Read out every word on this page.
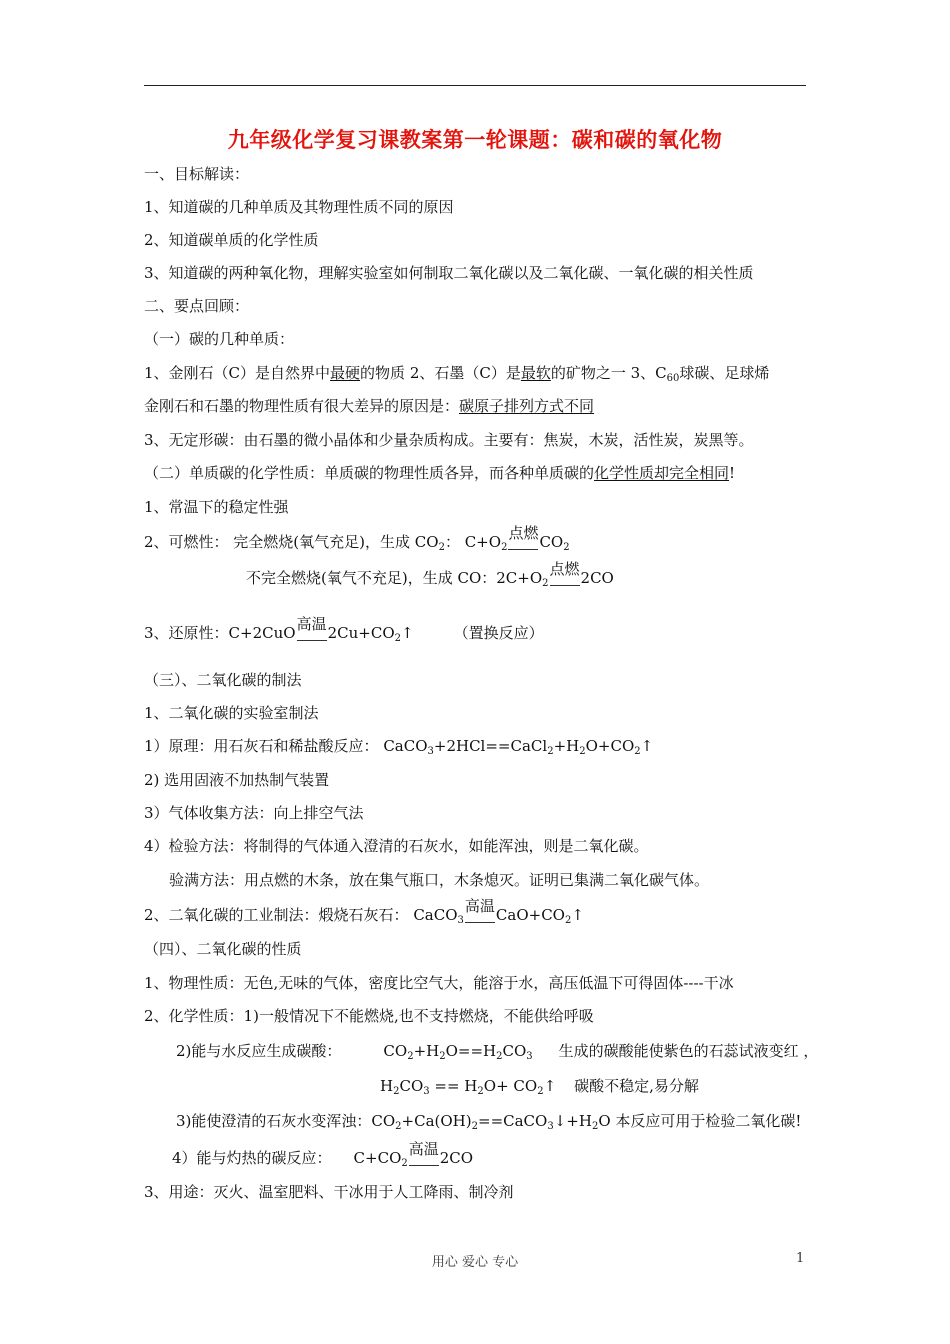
九年级化学复习课教案第一轮课题：碳和碳的氧化物
一、目标解读：
1、知道碳的几种单质及其物理性质不同的原因
2、知道碳单质的化学性质
3、知道碳的两种氧化物，理解实验室如何制取二氧化碳以及二氧化碳、一氧化碳的相关性质
二、要点回顾：
（一）碳的几种单质：
1、金刚石（C）是自然界中最硬的物质 2、石墨（C）是最软的矿物之一 3、$C_{60}$球碳、足球烯
金刚石和石墨的物理性质有很大差异的原因是：碳原子排列方式不同
3、无定形碳：由石墨的微小晶体和少量杂质构成。主要有：焦炭，木炭，活性炭，炭黑等。
（二）单质碳的化学性质：单质碳的物理性质各异，而各种单质碳的化学性质却完全相同!
1、常温下的稳定性强
2、可燃性： 完全燃烧(氧气充足)，生成 $CO_2$： $C+O_2$点燃$CO_2$
不完全燃烧(氧气不充足)，生成 CO：$2C+O_2$点燃2CO
3、还原性：C+2CuO高温$2Cu+CO_2↑$	（置换反应）
（三）、二氧化碳的制法
1、二氧化碳的实验室制法
1）原理：用石灰石和稀盐酸反应： $CaCO_3+2HCl==CaCl_2+H_2O+CO_2↑$
2) 选用固液不加热制气装置
3）气体收集方法：向上排空气法
4）检验方法：将制得的气体通入澄清的石灰水，如能浑浊，则是二氧化碳。
验满方法：用点燃的木条，放在集气瓶口，木条熄灭。证明已集满二氧化碳气体。
2、二氧化碳的工业制法：煅烧石灰石： CaCO$_3$高温$CaO+CO_2↑$
（四）、二氧化碳的性质
1、物理性质：无色,无味的气体，密度比空气大，能溶于水，高压低温下可得固体----干冰
2、化学性质：1)一般情况下不能燃烧,也不支持燃烧，不能供给呼吸
2)能与水反应生成碳酸：	$CO_2+H_2O==H_2CO_3$ 生成的碳酸能使紫色的石蕊试液变红 ，
$H_2CO_3 == H_2O+$ $CO_2↑$ 碳酸不稳定,易分解
3)能使澄清的石灰水变浑浊：$CO_2+Ca(OH)_2==CaCO_3↓+H_2O$ 本反应可用于检验二氧化碳!
4）能与灼热的碳反应： $C+CO_2$高温2CO
3、用途：灭火、温室肥料、干冰用于人工降雨、制冷剂
用心 爱心 专心	1
